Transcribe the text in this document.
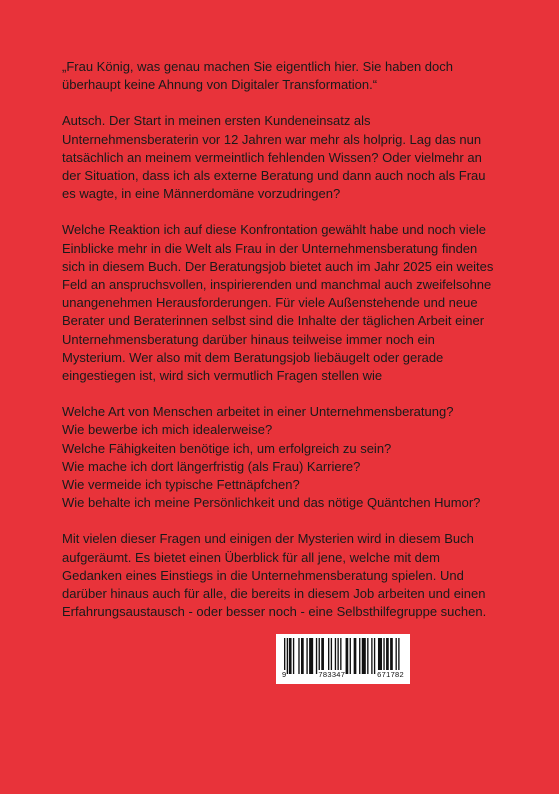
„Frau König, was genau machen Sie eigentlich hier. Sie haben doch überhaupt keine Ahnung von Digitaler Transformation.“

Autsch. Der Start in meinen ersten Kundeneinsatz als Unternehmensberaterin vor 12 Jahren war mehr als holprig. Lag das nun tatsächlich an meinem vermeintlich fehlenden Wissen? Oder vielmehr an der Situation, dass ich als externe Beratung und dann auch noch als Frau es wagte, in eine Männerdomäne vorzudringen?

Welche Reaktion ich auf diese Konfrontation gewählt habe und noch viele Einblicke mehr in die Welt als Frau in der Unternehmensberatung finden sich in diesem Buch. Der Beratungsjob bietet auch im Jahr 2025 ein weites Feld an anspruchsvollen, inspirierenden und manchmal auch zweifelsohne unangenehmen Herausforderungen. Für viele Außenstehende und neue Berater und Beraterinnen selbst sind die Inhalte der täglichen Arbeit einer Unternehmensberatung darüber hinaus teilweise immer noch ein Mysterium. Wer also mit dem Beratungsjob liebäugelt oder gerade eingestiegen ist, wird sich vermutlich Fragen stellen wie

Welche Art von Menschen arbeitet in einer Unternehmensberatung?
Wie bewerbe ich mich idealerweise?
Welche Fähigkeiten benötige ich, um erfolgreich zu sein?
Wie mache ich dort längerfristig (als Frau) Karriere?
Wie vermeide ich typische Fettnäpfchen?
Wie behalte ich meine Persönlichkeit und das nötige Quäntchen Humor?

Mit vielen dieser Fragen und einigen der Mysterien wird in diesem Buch aufgeräumt. Es bietet einen Überblick für all jene, welche mit dem Gedanken eines Einstiegs in die Unternehmensberatung spielen. Und darüber hinaus auch für alle, die bereits in diesem Job arbeiten und einen Erfahrungsaustausch - oder besser noch - eine Selbsthilfegruppe suchen.

9	783347	671782
